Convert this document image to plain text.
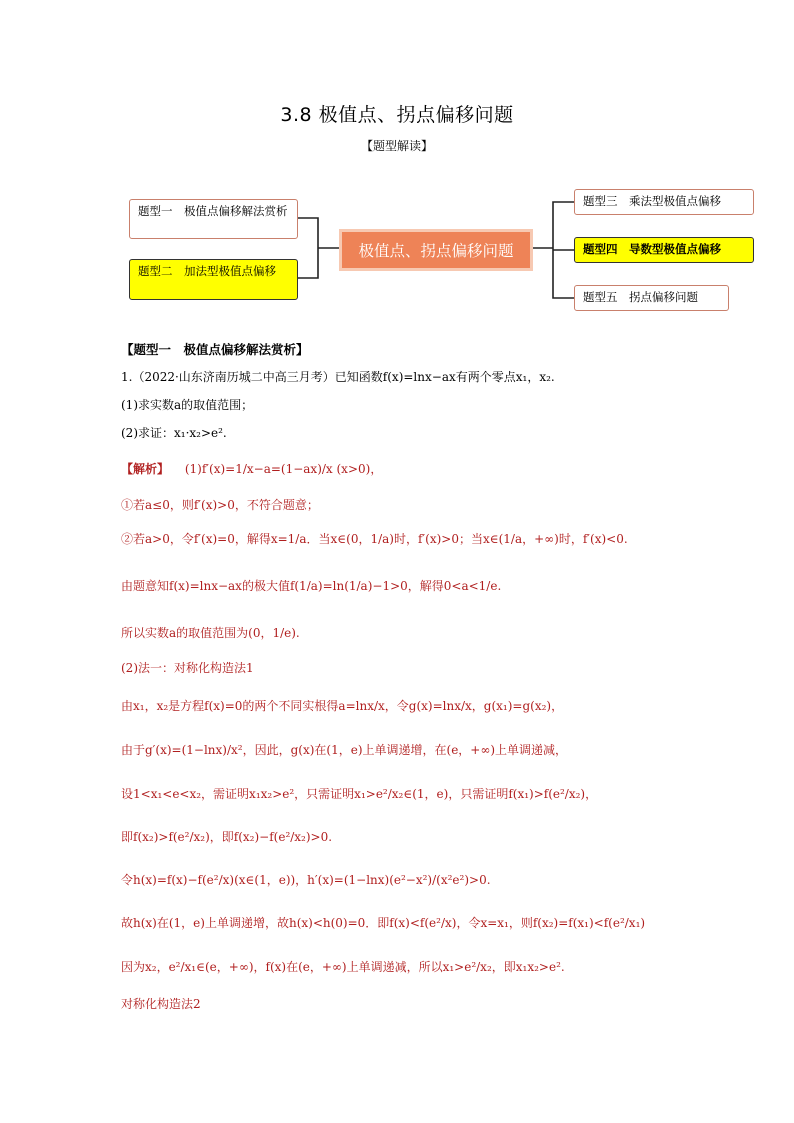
3.8 极值点、拐点偏移问题
【题型解读】
题型一　极值点偏移解法赏析
题型二　加法型极值点偏移
极值点、拐点偏移问题
题型三　乘法型极值点偏移
题型四　导数型极值点偏移
题型五　拐点偏移问题
【题型一　极值点偏移解法赏析】
1.（2022·山东济南历城二中高三月考）已知函数f(x)=lnx−ax有两个零点x₁，x₂.
(1)求实数a的取值范围；
(2)求证：x₁·x₂>e².
【解析】 (1)f′(x)=1/x−a=(1−ax)/x (x>0)，
①若a≤0，则f′(x)>0，不符合题意；
②若a>0，令f′(x)=0，解得x=1/a．当x∈(0，1/a)时，f′(x)>0；当x∈(1/a，+∞)时，f′(x)<0.
由题意知f(x)=lnx−ax的极大值f(1/a)=ln(1/a)−1>0，解得0<a<1/e.
所以实数a的取值范围为(0，1/e).
(2)法一：对称化构造法1
由x₁，x₂是方程f(x)=0的两个不同实根得a=lnx/x，令g(x)=lnx/x，g(x₁)=g(x₂)，
由于g′(x)=(1−lnx)/x²，因此，g(x)在(1，e)上单调递增，在(e，+∞)上单调递减，
设1<x₁<e<x₂，需证明x₁x₂>e²，只需证明x₁>e²/x₂∈(1，e)，只需证明f(x₁)>f(e²/x₂)，
即f(x₂)>f(e²/x₂)，即f(x₂)−f(e²/x₂)>0.
令h(x)=f(x)−f(e²/x)(x∈(1，e))，h′(x)=(1−lnx)(e²−x²)/(x²e²)>0.
故h(x)在(1，e)上单调递增，故h(x)<h(0)=0．即f(x)<f(e²/x)，令x=x₁，则f(x₂)=f(x₁)<f(e²/x₁)
因为x₂，e²/x₁∈(e，+∞)，f(x)在(e，+∞)上单调递减，所以x₁>e²/x₂，即x₁x₂>e².
对称化构造法2
